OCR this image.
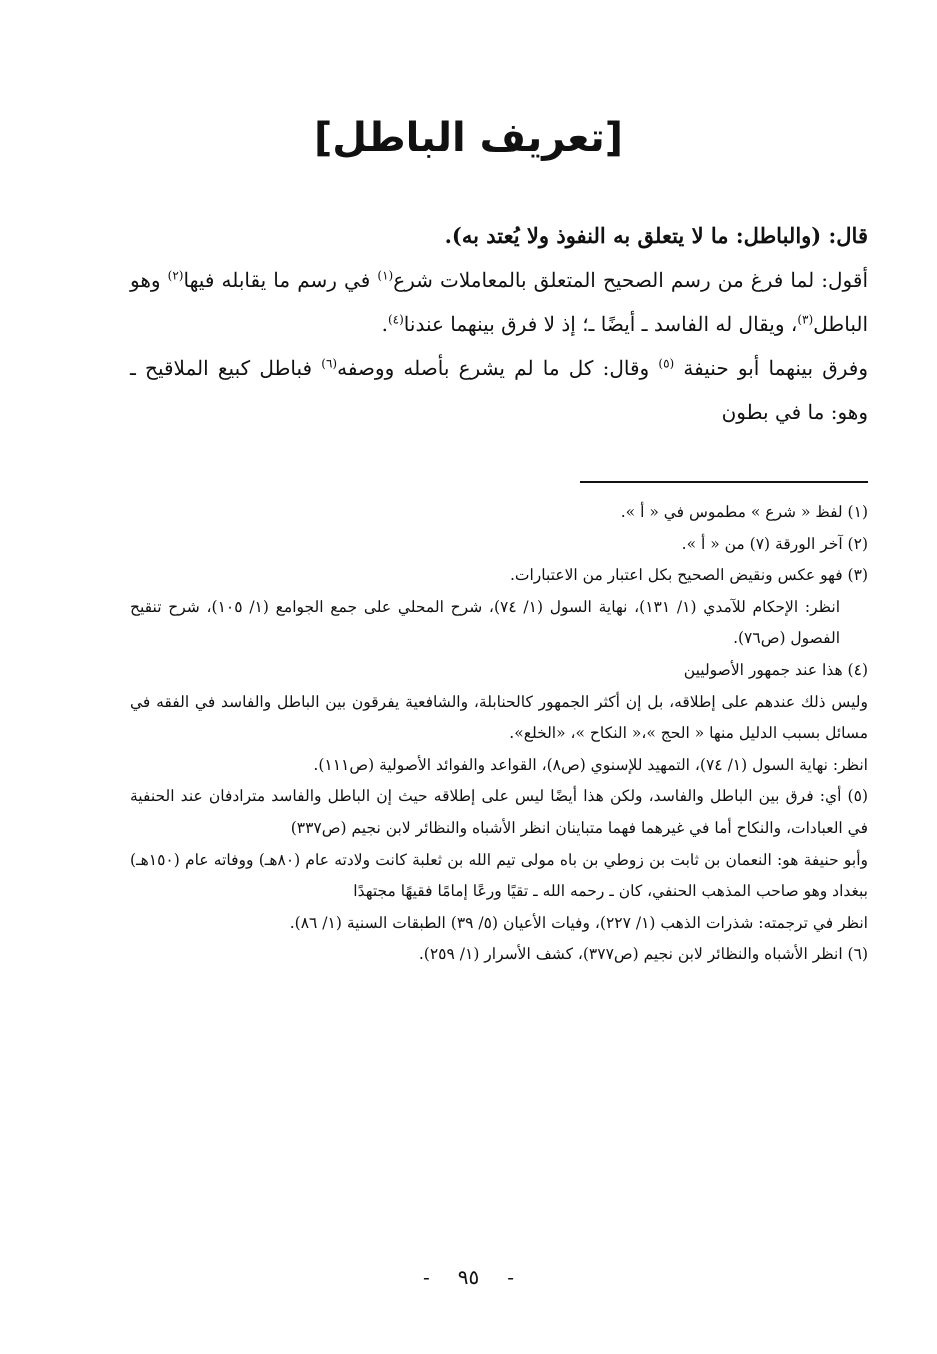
[تعريف الباطل]

قال: (والباطل: ما لا يتعلق به النفوذ ولا يُعتد به).

أقول: لما فرغ من رسم الصحيح المتعلق بالمعاملات شرع$^{(١)}$ في رسم ما يقابله فيها$^{(٢)}$ وهو الباطل$^{(٣)}$، ويقال له الفاسد ـ أيضًا ـ؛ إذ لا فرق بينهما عندنا$^{(٤)}$.

وفرق بينهما أبو حنيفة $^{(٥)}$ وقال: كل ما لم يشرع بأصله ووصفه$^{(٦)}$ فباطل كبيع الملاقيح ـ وهو: ما في بطون

(١) لفظ « شرع » مطموس في « أ ».

(٢) آخر الورقة (٧) من « أ ».

(٣) فهو عكس ونقيض الصحيح بكل اعتبار من الاعتبارات.

انظر: الإحكام للآمدي (١/ ١٣١)، نهاية السول (١/ ٧٤)، شرح المحلي على جمع الجوامع (١/ ١٠٥)، شرح تنقيح الفصول (ص٧٦).

(٤) هذا عند جمهور الأصوليين

وليس ذلك عندهم على إطلاقه، بل إن أكثر الجمهور كالحنابلة، والشافعية يفرقون بين الباطل والفاسد في الفقه في مسائل بسبب الدليل منها « الحج »،« النكاح »، «الخلع».

انظر: نهاية السول (١/ ٧٤)، التمهيد للإسنوي (ص٨)، القواعد والفوائد الأصولية (ص١١١).

(٥) أي: فرق بين الباطل والفاسد، ولكن هذا أيضًا ليس على إطلاقه حيث إن الباطل والفاسد مترادفان عند الحنفية في العبادات، والنكاح أما في غيرهما فهما متباينان انظر الأشباه والنظائر لابن نجيم (ص٣٣٧)

وأبو حنيفة هو: النعمان بن ثابت بن زوطي بن باه مولى تيم الله بن ثعلبة كانت ولادته عام (٨٠هـ) ووفاته عام (١٥٠هـ) ببغداد وهو صاحب المذهب الحنفي، كان ـ رحمه الله ـ تقيًا ورعًا إمامًا فقيهًا مجتهدًا

انظر في ترجمته: شذرات الذهب (١/ ٢٢٧)، وفيات الأعيان (٥/ ٣٩) الطبقات السنية (١/ ٨٦).

(٦) انظر الأشباه والنظائر لابن نجيم (ص٣٧٧)، كشف الأسرار (١/ ٢٥٩).

-٩٥-
